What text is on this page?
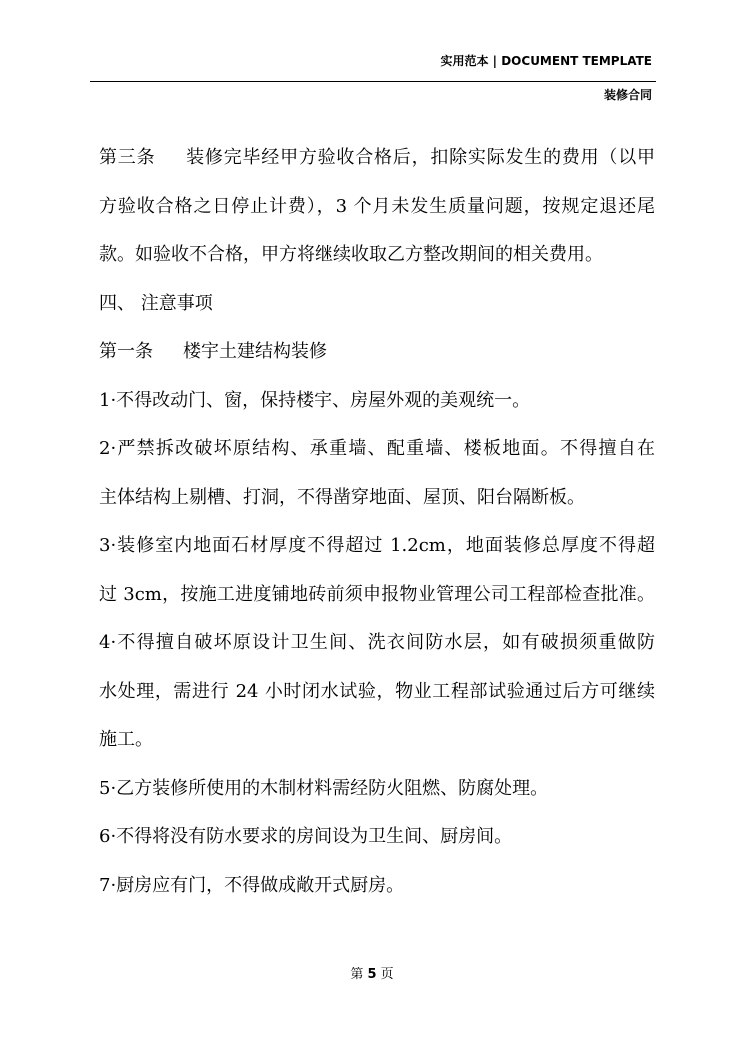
实用范本 | DOCUMENT TEMPLATE
装修合同
第三条 装修完毕经甲方验收合格后，扣除实际发生的费用（以甲
方验收合格之日停止计费），3 个月未发生质量问题，按规定退还尾
款。如验收不合格，甲方将继续收取乙方整改期间的相关费用。
四、 注意事项
第一条 楼宇土建结构装修
1·不得改动门、窗，保持楼宇、房屋外观的美观统一。
2·严禁拆改破坏原结构、承重墙、配重墙、楼板地面。不得擅自在
主体结构上剔槽、打洞，不得凿穿地面、屋顶、阳台隔断板。
3·装修室内地面石材厚度不得超过 1.2cm，地面装修总厚度不得超
过 3cm，按施工进度铺地砖前须申报物业管理公司工程部检查批准。
4·不得擅自破坏原设计卫生间、洗衣间防水层，如有破损须重做防
水处理，需进行 24 小时闭水试验，物业工程部试验通过后方可继续
施工。
5·乙方装修所使用的木制材料需经防火阻燃、防腐处理。
6·不得将没有防水要求的房间设为卫生间、厨房间。
7·厨房应有门，不得做成敞开式厨房。
第 5 页
